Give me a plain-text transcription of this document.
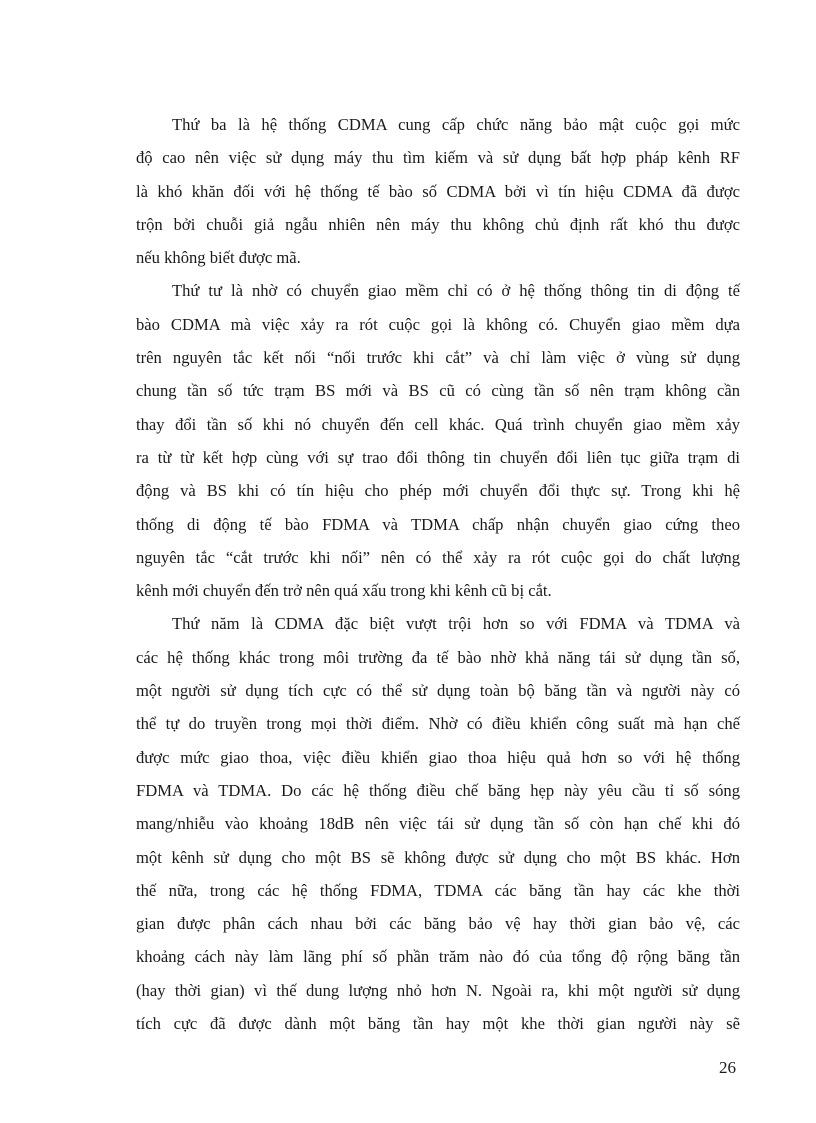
Thứ ba là hệ thống CDMA cung cấp chức năng bảo mật cuộc gọi mức
độ cao nên việc sử dụng máy thu tìm kiếm và sử dụng bất hợp pháp kênh RF
là khó khăn đối với hệ thống tế bào số CDMA bởi vì tín hiệu CDMA đã được
trộn bởi chuỗi giả ngẫu nhiên nên máy thu không chủ định rất khó thu được
nếu không biết được mã.

Thứ tư là nhờ có chuyển giao mềm chỉ có ở hệ thống thông tin di động tế
bào CDMA mà việc xảy ra rót cuộc gọi là không có. Chuyển giao mềm dựa
trên nguyên tắc kết nối “nối trước khi cắt” và chỉ làm việc ở vùng sử dụng
chung tần số tức trạm BS mới và BS cũ có cùng tần số nên trạm không cần
thay đổi tần số khi nó chuyển đến cell khác. Quá trình chuyển giao mềm xảy
ra từ từ kết hợp cùng với sự trao đổi thông tin chuyển đổi liên tục giữa trạm di
động và BS khi có tín hiệu cho phép mới chuyển đổi thực sự. Trong khi hệ
thống di động tế bào FDMA và TDMA chấp nhận chuyển giao cứng theo
nguyên tắc “cắt trước khi nối” nên có thể xảy ra rót cuộc gọi do chất lượng
kênh mới chuyển đến trở nên quá xấu trong khi kênh cũ bị cắt.

Thứ năm là CDMA đặc biệt vượt trội hơn so với FDMA và TDMA và
các hệ thống khác trong môi trường đa tế bào nhờ khả năng tái sử dụng tần số,
một người sử dụng tích cực có thể sử dụng toàn bộ băng tần và người này có
thể tự do truyền trong mọi thời điểm. Nhờ có điều khiển công suất mà hạn chế
được mức giao thoa, việc điều khiển giao thoa hiệu quả hơn so với hệ thống
FDMA và TDMA. Do các hệ thống điều chế băng hẹp này yêu cầu tỉ số sóng
mang/nhiễu vào khoảng 18dB nên việc tái sử dụng tần số còn hạn chế khi đó
một kênh sử dụng cho một BS sẽ không được sử dụng cho một BS khác. Hơn
thế nữa, trong các hệ thống FDMA, TDMA các băng tần hay các khe thời
gian được phân cách nhau bởi các băng bảo vệ hay thời gian bảo vệ, các
khoảng cách này làm lãng phí số phần trăm nào đó của tổng độ rộng băng tần
(hay thời gian) vì thế dung lượng nhỏ hơn N. Ngoài ra, khi một người sử dụng
tích cực đã được dành một băng tần hay một khe thời gian người này sẽ

26
